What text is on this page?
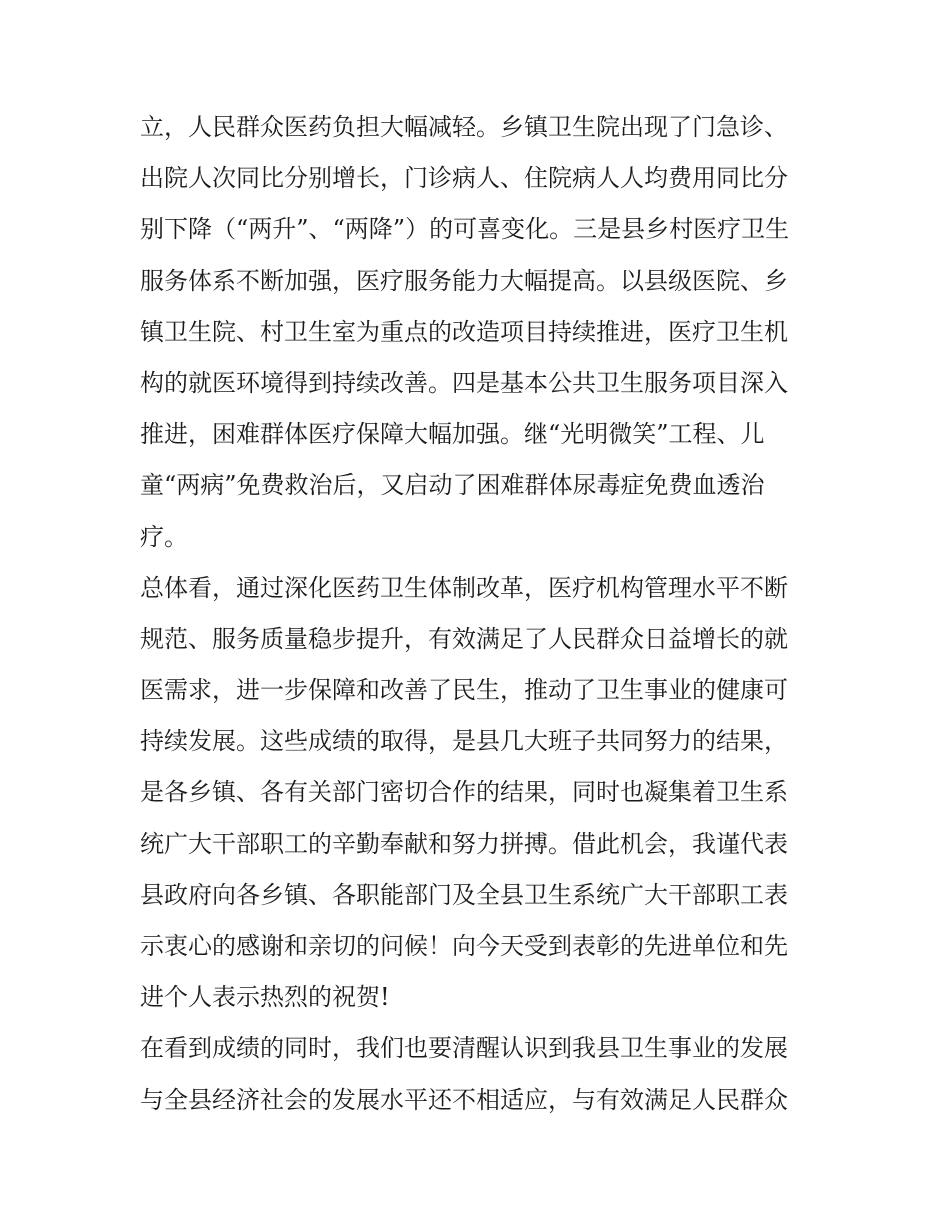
立，人民群众医药负担大幅减轻。乡镇卫生院出现了门急诊、
出院人次同比分别增长，门诊病人、住院病人人均费用同比分
别下降（“两升”、“两降”）的可喜变化。三是县乡村医疗卫生
服务体系不断加强，医疗服务能力大幅提高。以县级医院、乡
镇卫生院、村卫生室为重点的改造项目持续推进，医疗卫生机
构的就医环境得到持续改善。四是基本公共卫生服务项目深入
推进，困难群体医疗保障大幅加强。继“光明微笑”工程、儿
童“两病”免费救治后，又启动了困难群体尿毒症免费血透治
疗。
总体看，通过深化医药卫生体制改革，医疗机构管理水平不断
规范、服务质量稳步提升，有效满足了人民群众日益增长的就
医需求，进一步保障和改善了民生，推动了卫生事业的健康可
持续发展。这些成绩的取得，是县几大班子共同努力的结果，
是各乡镇、各有关部门密切合作的结果，同时也凝集着卫生系
统广大干部职工的辛勤奉献和努力拼搏。借此机会，我谨代表
县政府向各乡镇、各职能部门及全县卫生系统广大干部职工表
示衷心的感谢和亲切的问候！向今天受到表彰的先进单位和先
进个人表示热烈的祝贺!
在看到成绩的同时，我们也要清醒认识到我县卫生事业的发展
与全县经济社会的发展水平还不相适应，与有效满足人民群众
